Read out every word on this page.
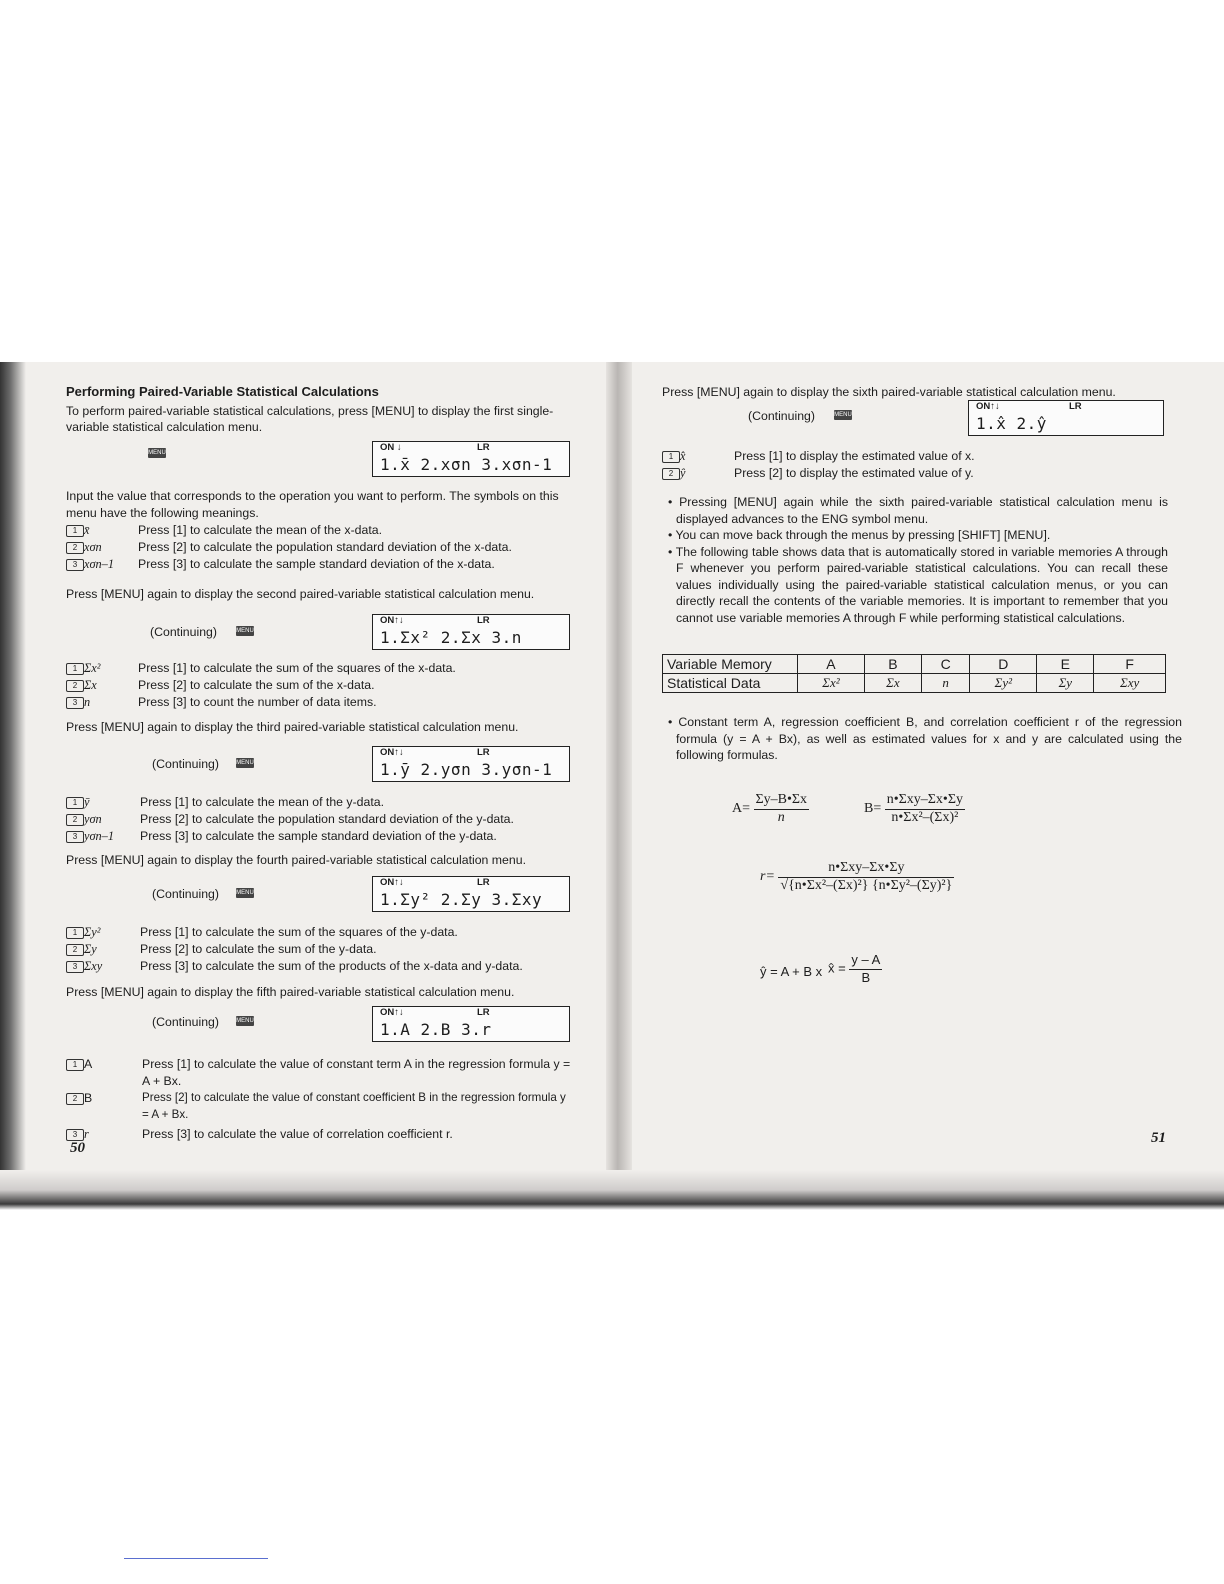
Performing Paired-Variable Statistical Calculations

To perform paired-variable statistical calculations, press [MENU] to display the first single-variable statistical calculation menu.

MENU	ON ↓	LR
1.x̄ 2.xσn 3.xσn-1

Input the value that corresponds to the operation you want to perform. The symbols on this menu have the following meanings.

1 x̄	Press [1] to calculate the mean of the x-data.
2 xσn	Press [2] to calculate the population standard deviation of the x-data.
3 xσn–1 Press [3] to calculate the sample standard deviation of the x-data.

Press [MENU] again to display the second paired-variable statistical calculation menu.

(Continuing)	MENU
ON↑↓	LR
1.Σx² 2.Σx 3.n
1 Σx²	Press [1] to calculate the sum of the squares of the x-data.
2 Σx	Press [2] to calculate the sum of the x-data.
3 n	Press [3] to count the number of data items.

Press [MENU] again to display the third paired-variable statistical calculation menu.

(Continuing)	MENU
ON↑↓	LR
1.ȳ 2.yσn 3.yσn-1
1 ȳ	Press [1] to calculate the mean of the y-data.
2 yσn	Press [2] to calculate the population standard deviation of the y-data.
3 yσn–1 Press [3] to calculate the sample standard deviation of the y-data.

Press [MENU] again to display the fourth paired-variable statistical calculation menu.

(Continuing)	MENU
ON↑↓	LR
1.Σy² 2.Σy 3.Σxy
1 Σy²	Press [1] to calculate the sum of the squares of the y-data.
2 Σy	Press [2] to calculate the sum of the y-data.
3 Σxy	Press [3] to calculate the sum of the products of the x-data and y-data.

Press [MENU] again to display the fifth paired-variable statistical calculation menu.

(Continuing)	MENU
ON↑↓	LR
1.A 2.B 3.r
1 A	Press [1] to calculate the value of constant term A in the regression formula y = A + Bx.
2 B	Press [2] to calculate the value of constant coefficient B in the regression formula y = A + Bx.
3 r	Press [3] to calculate the value of correlation coefficient r.
50

Press [MENU] again to display the sixth paired-variable statistical calculation menu.

(Continuing)	MENU
ON↑↓	LR
1.x̂ 2.ŷ
1 x̂	Press [1] to display the estimated value of x.
2 ŷ	Press [2] to display the estimated value of y.

• Pressing [MENU] again while the sixth paired-variable statistical calculation menu is displayed advances to the ENG symbol menu.

• You can move back through the menus by pressing [SHIFT] [MENU].

• The following table shows data that is automatically stored in variable memories A through F whenever you perform paired-variable statistical calculations. You can recall these values individually using the paired-variable statistical calculation menus, or you can directly recall the contents of the variable memories. It is important to remember that you cannot use variable memories A through F while performing statistical calculations.

Variable Memory	A	B	C	D	E	F
Statistical Data	Σx²	Σx	n	Σy²	Σy	Σxy

• Constant term A, regression coefficient B, and correlation coefficient r of the regression formula (y = A + Bx), as well as estimated values for x and y are calculated using the following formulas.

$A= \frac{\Sigma y-B•\Sigma x}{n}$	$B= \frac{\text{n•Σxy–Σx•Σy}}{\text{n•Σx²–(Σx)²}}$
$r= \frac{\text{n•Σxy–Σx•Σy}}{\text{√\{n•Σx²–(Σx)²\} \{n•Σy²–(Σy)²\}}}$
ŷ = A + B x x̂ = $\frac{y - A}{B}$
51
